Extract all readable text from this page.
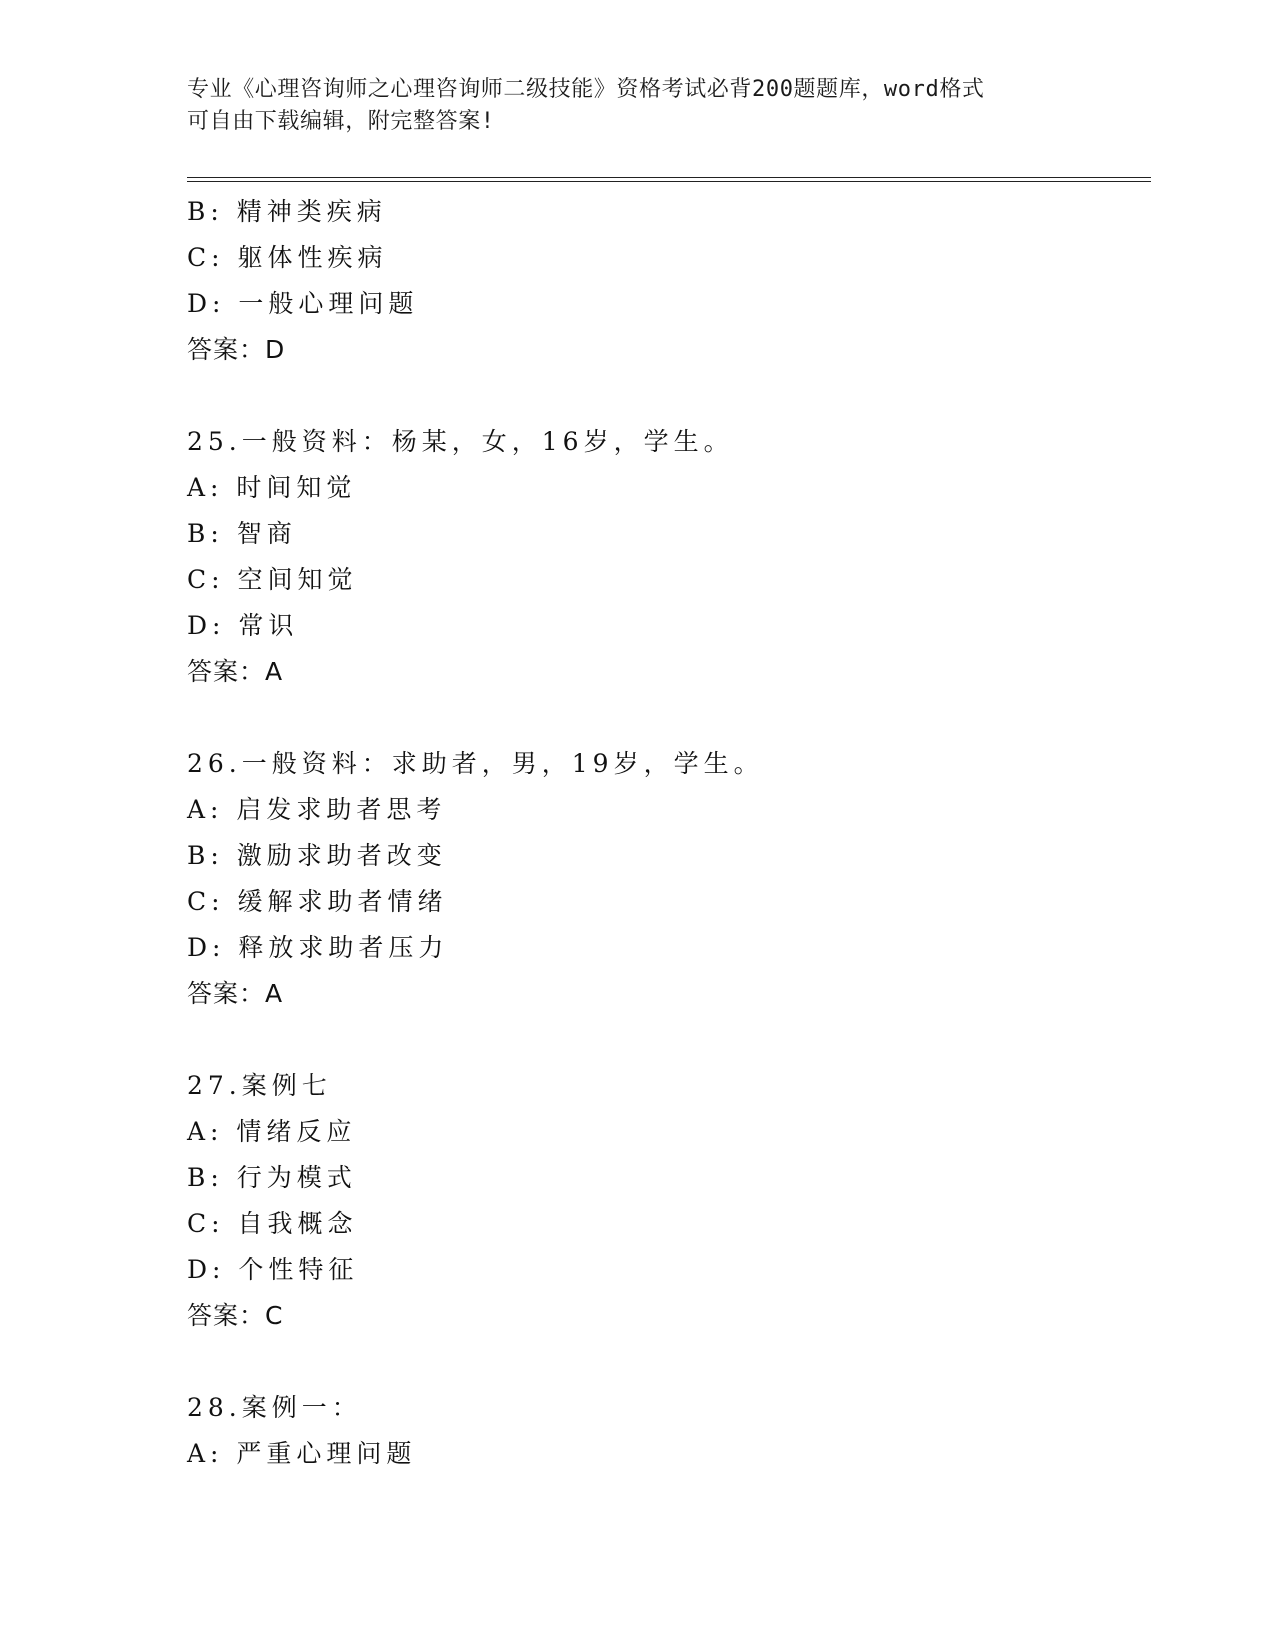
专业《心理咨询师之心理咨询师二级技能》资格考试必背200题题库，word格式
可自由下载编辑，附完整答案!
B: 精神类疾病
C: 躯体性疾病
D: 一般心理问题
答案：D
25.一般资料：杨某，女，16岁，学生。
A: 时间知觉
B: 智商
C: 空间知觉
D: 常识
答案：A
26.一般资料：求助者，男，19岁，学生。
A: 启发求助者思考
B: 激励求助者改变
C: 缓解求助者情绪
D: 释放求助者压力
答案：A
27.案例七
A: 情绪反应
B: 行为模式
C: 自我概念
D: 个性特征
答案：C
28.案例一：
A: 严重心理问题
